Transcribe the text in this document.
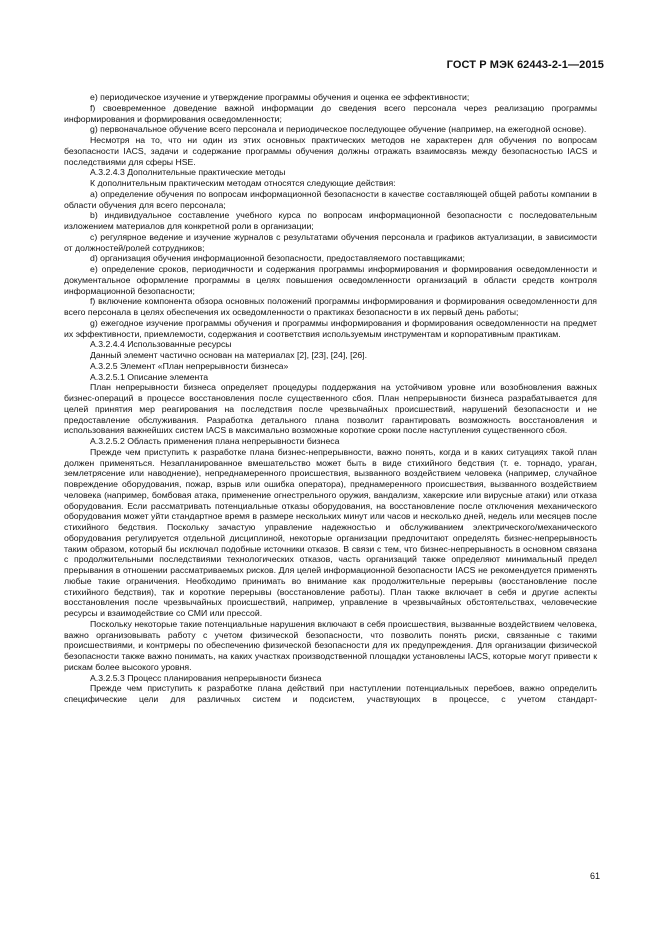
ГОСТ Р МЭК 62443-2-1—2015

e) периодическое изучение и утверждение программы обучения и оценка ее эффективности;

f) своевременное доведение важной информации до сведения всего персонала через реализацию программы информирования и формирования осведомленности;

g) первоначальное обучение всего персонала и периодическое последующее обучение (например, на ежегодной основе).

Несмотря на то, что ни один из этих основных практических методов не характерен для обучения по вопросам безопасности IACS, задачи и содержание программы обучения должны отражать взаимосвязь между безопасностью IACS и последствиями для сферы HSE.

А.3.2.4.3 Дополнительные практические методы

К дополнительным практическим методам относятся следующие действия:

a) определение обучения по вопросам информационной безопасности в качестве составляющей общей работы компании в области обучения для всего персонала;

b) индивидуальное составление учебного курса по вопросам информационной безопасности с последовательным изложением материалов для конкретной роли в организации;

c) регулярное ведение и изучение журналов с результатами обучения персонала и графиков актуализации, в зависимости от должностей/ролей сотрудников;

d) организация обучения информационной безопасности, предоставляемого поставщиками;

e) определение сроков, периодичности и содержания программы информирования и формирования осведомленности и документальное оформление программы в целях повышения осведомленности организаций в области средств контроля информационной безопасности;

f) включение компонента обзора основных положений программы информирования и формирования осведомленности для всего персонала в целях обеспечения их осведомленности о практиках безопасности в их первый день работы;

g) ежегодное изучение программы обучения и программы информирования и формирования осведомленности на предмет их эффективности, приемлемости, содержания и соответствия используемым инструментам и корпоративным практикам.

А.3.2.4.4 Использованные ресурсы

Данный элемент частично основан на материалах [2], [23], [24], [26].

А.3.2.5 Элемент «План непрерывности бизнеса»

А.3.2.5.1 Описание элемента

План непрерывности бизнеса определяет процедуры поддержания на устойчивом уровне или возобновления важных бизнес-операций в процессе восстановления после существенного сбоя. План непрерывности бизнеса разрабатывается для целей принятия мер реагирования на последствия после чрезвычайных происшествий, нарушений безопасности и не предоставление обслуживания. Разработка детального плана позволит гарантировать возможность восстановления и использования важнейших систем IACS в максимально возможные короткие сроки после наступления существенного сбоя.

А.3.2.5.2 Область применения плана непрерывности бизнеса

Прежде чем приступить к разработке плана бизнес-непрерывности, важно понять, когда и в каких ситуациях такой план должен применяться. Незапланированное вмешательство может быть в виде стихийного бедствия (т. е. торнадо, ураган, землетрясение или наводнение), непреднамеренного происшествия, вызванного воздействием человека (например, случайное повреждение оборудования, пожар, взрыв или ошибка оператора), преднамеренного происшествия, вызванного воздействием человека (например, бомбовая атака, применение огнестрельного оружия, вандализм, хакерские или вирусные атаки) или отказа оборудования. Если рассматривать потенциальные отказы оборудования, на восстановление после отключения механического оборудования может уйти стандартное время в размере нескольких минут или часов и несколько дней, недель или месяцев после стихийного бедствия. Поскольку зачастую управление надежностью и обслуживанием электрического/механического оборудования регулируется отдельной дисциплиной, некоторые организации предпочитают определять бизнес-непрерывность таким образом, который бы исключал подобные источники отказов. В связи с тем, что бизнес-непрерывность в основном связана с продолжительными последствиями технологических отказов, часть организаций также определяют минимальный предел прерывания в отношении рассматриваемых рисков. Для целей информационной безопасности IACS не рекомендуется применять любые такие ограничения. Необходимо принимать во внимание как продолжительные перерывы (восстановление после стихийного бедствия), так и короткие перерывы (восстановление работы). План также включает в себя и другие аспекты восстановления после чрезвычайных происшествий, например, управление в чрезвычайных обстоятельствах, человеческие ресурсы и взаимодействие со СМИ или прессой.

Поскольку некоторые такие потенциальные нарушения включают в себя происшествия, вызванные воздействием человека, важно организовывать работу с учетом физической безопасности, что позволить понять риски, связанные с такими происшествиями, и контрмеры по обеспечению физической безопасности для их предупреждения. Для организации физической безопасности также важно понимать, на каких участках производственной площадки установлены IACS, которые могут привести к рискам более высокого уровня.

А.3.2.5.3 Процесс планирования непрерывности бизнеса

Прежде чем приступить к разработке плана действий при наступлении потенциальных перебоев, важно определить специфические цели для различных систем и подсистем, участвующих в процессе, с учетом стандарт-

61
